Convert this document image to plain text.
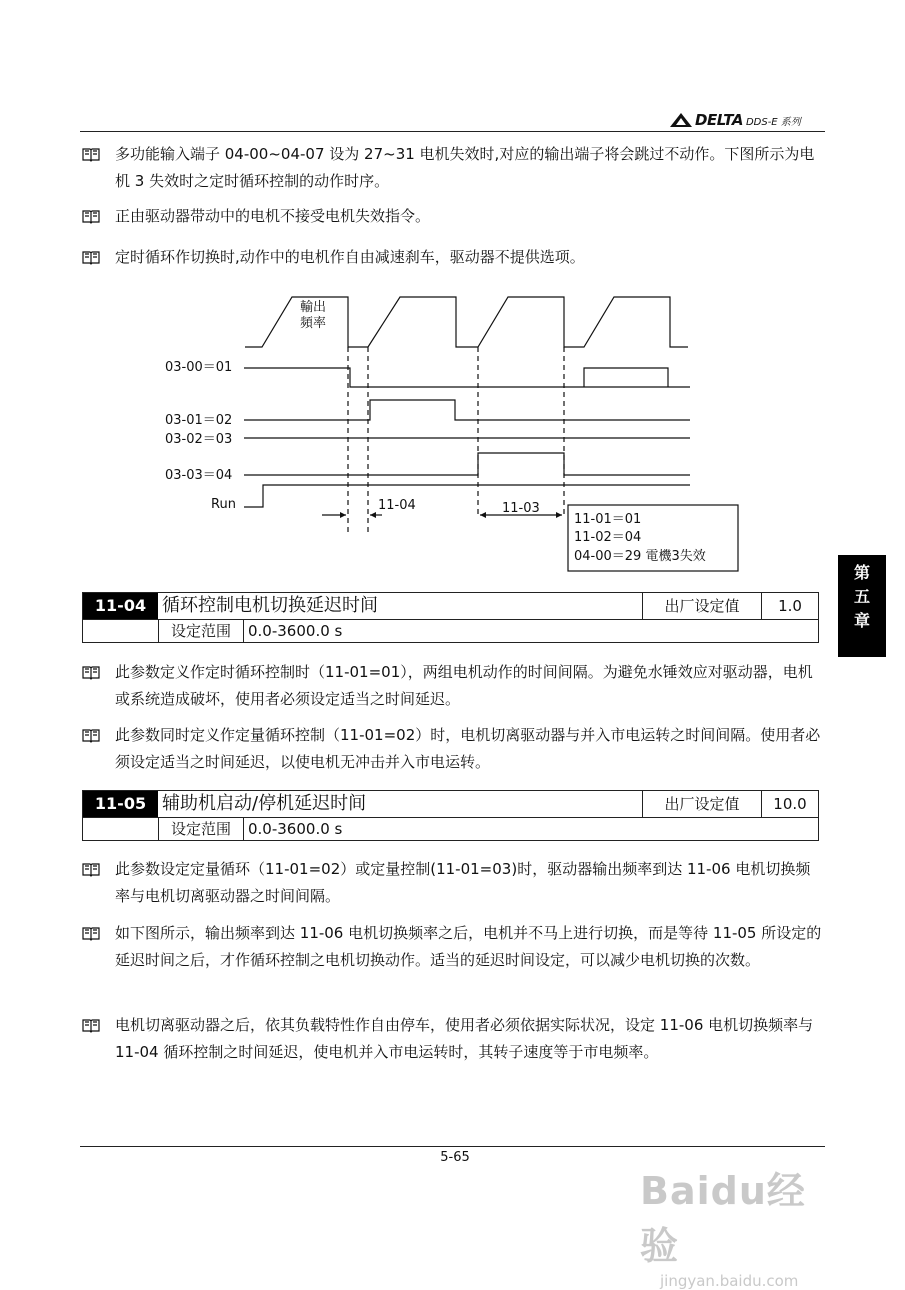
DELTA DDS-E 系列
多功能输入端子 04-00~04-07 设为 27~31 电机失效时,对应的输出端子将会跳过不动作。下图所示为电机 3 失效时之定时循环控制的动作时序。
正由驱动器带动中的电机不接受电机失效指令。
定时循环作切换时,动作中的电机作自由减速刹车，驱动器不提供选项。
輸出
頻率
03-00＝01
03-01＝02
03-02＝03
03-03＝04
Run	11-04	11-03
11-01＝01
11-02＝04
04-00＝29 電機3失效
11-04 循环控制电机切换延迟时间	出厂设定值	1.0
设定范围	0.0-3600.0 s
此参数定义作定时循环控制时（11-01=01），两组电机动作的时间间隔。为避免水锤效应对驱动器，电机或系统造成破坏，使用者必须设定适当之时间延迟。
此参数同时定义作定量循环控制（11-01=02）时，电机切离驱动器与并入市电运转之时间间隔。使用者必须设定适当之时间延迟，以使电机无冲击并入市电运转。
11-05 辅助机启动/停机延迟时间	出厂设定值	10.0
设定范围	0.0-3600.0 s
此参数设定定量循环（11-01=02）或定量控制(11-01=03)时，驱动器输出频率到达 11-06 电机切换频率与电机切离驱动器之时间间隔。
如下图所示，输出频率到达 11-06 电机切换频率之后，电机并不马上进行切换，而是等待 11-05 所设定的延迟时间之后，才作循环控制之电机切换动作。适当的延迟时间设定，可以减少电机切换的次数。
电机切离驱动器之后，依其负载特性作自由停车，使用者必须依据实际状况，设定 11-06 电机切换频率与 11-04 循环控制之时间延迟，使电机并入市电运转时，其转子速度等于市电频率。
第
五
章
5-65
Baidu经验
jingyan.baidu.com
